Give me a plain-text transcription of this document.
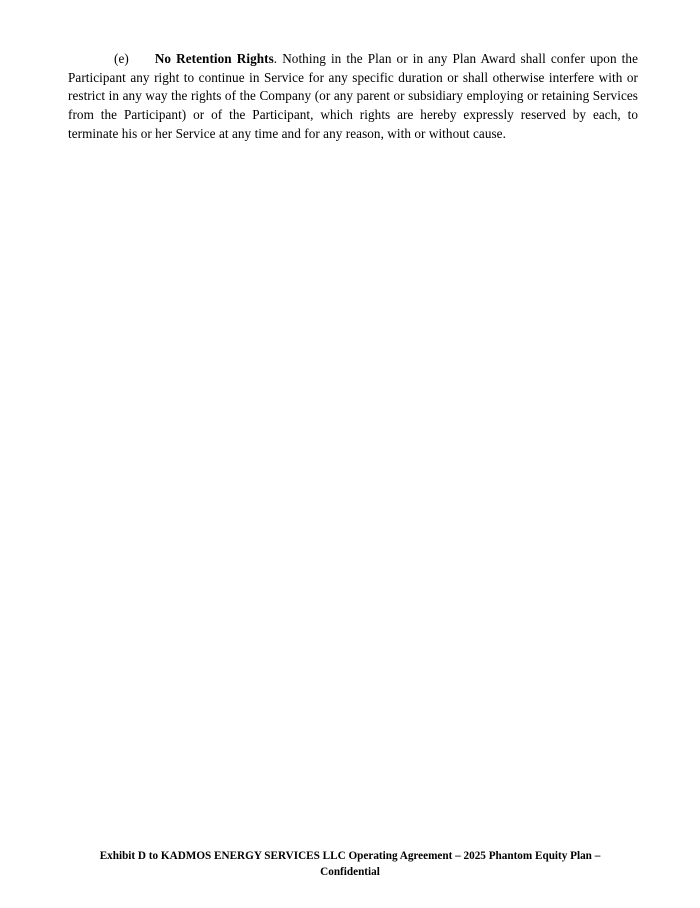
(e) No Retention Rights. Nothing in the Plan or in any Plan Award shall confer upon the Participant any right to continue in Service for any specific duration or shall otherwise interfere with or restrict in any way the rights of the Company (or any parent or subsidiary employing or retaining Services from the Participant) or of the Participant, which rights are hereby expressly reserved by each, to terminate his or her Service at any time and for any reason, with or without cause.

Exhibit D to KADMOS ENERGY SERVICES LLC Operating Agreement – 2025 Phantom Equity Plan –
Confidential
